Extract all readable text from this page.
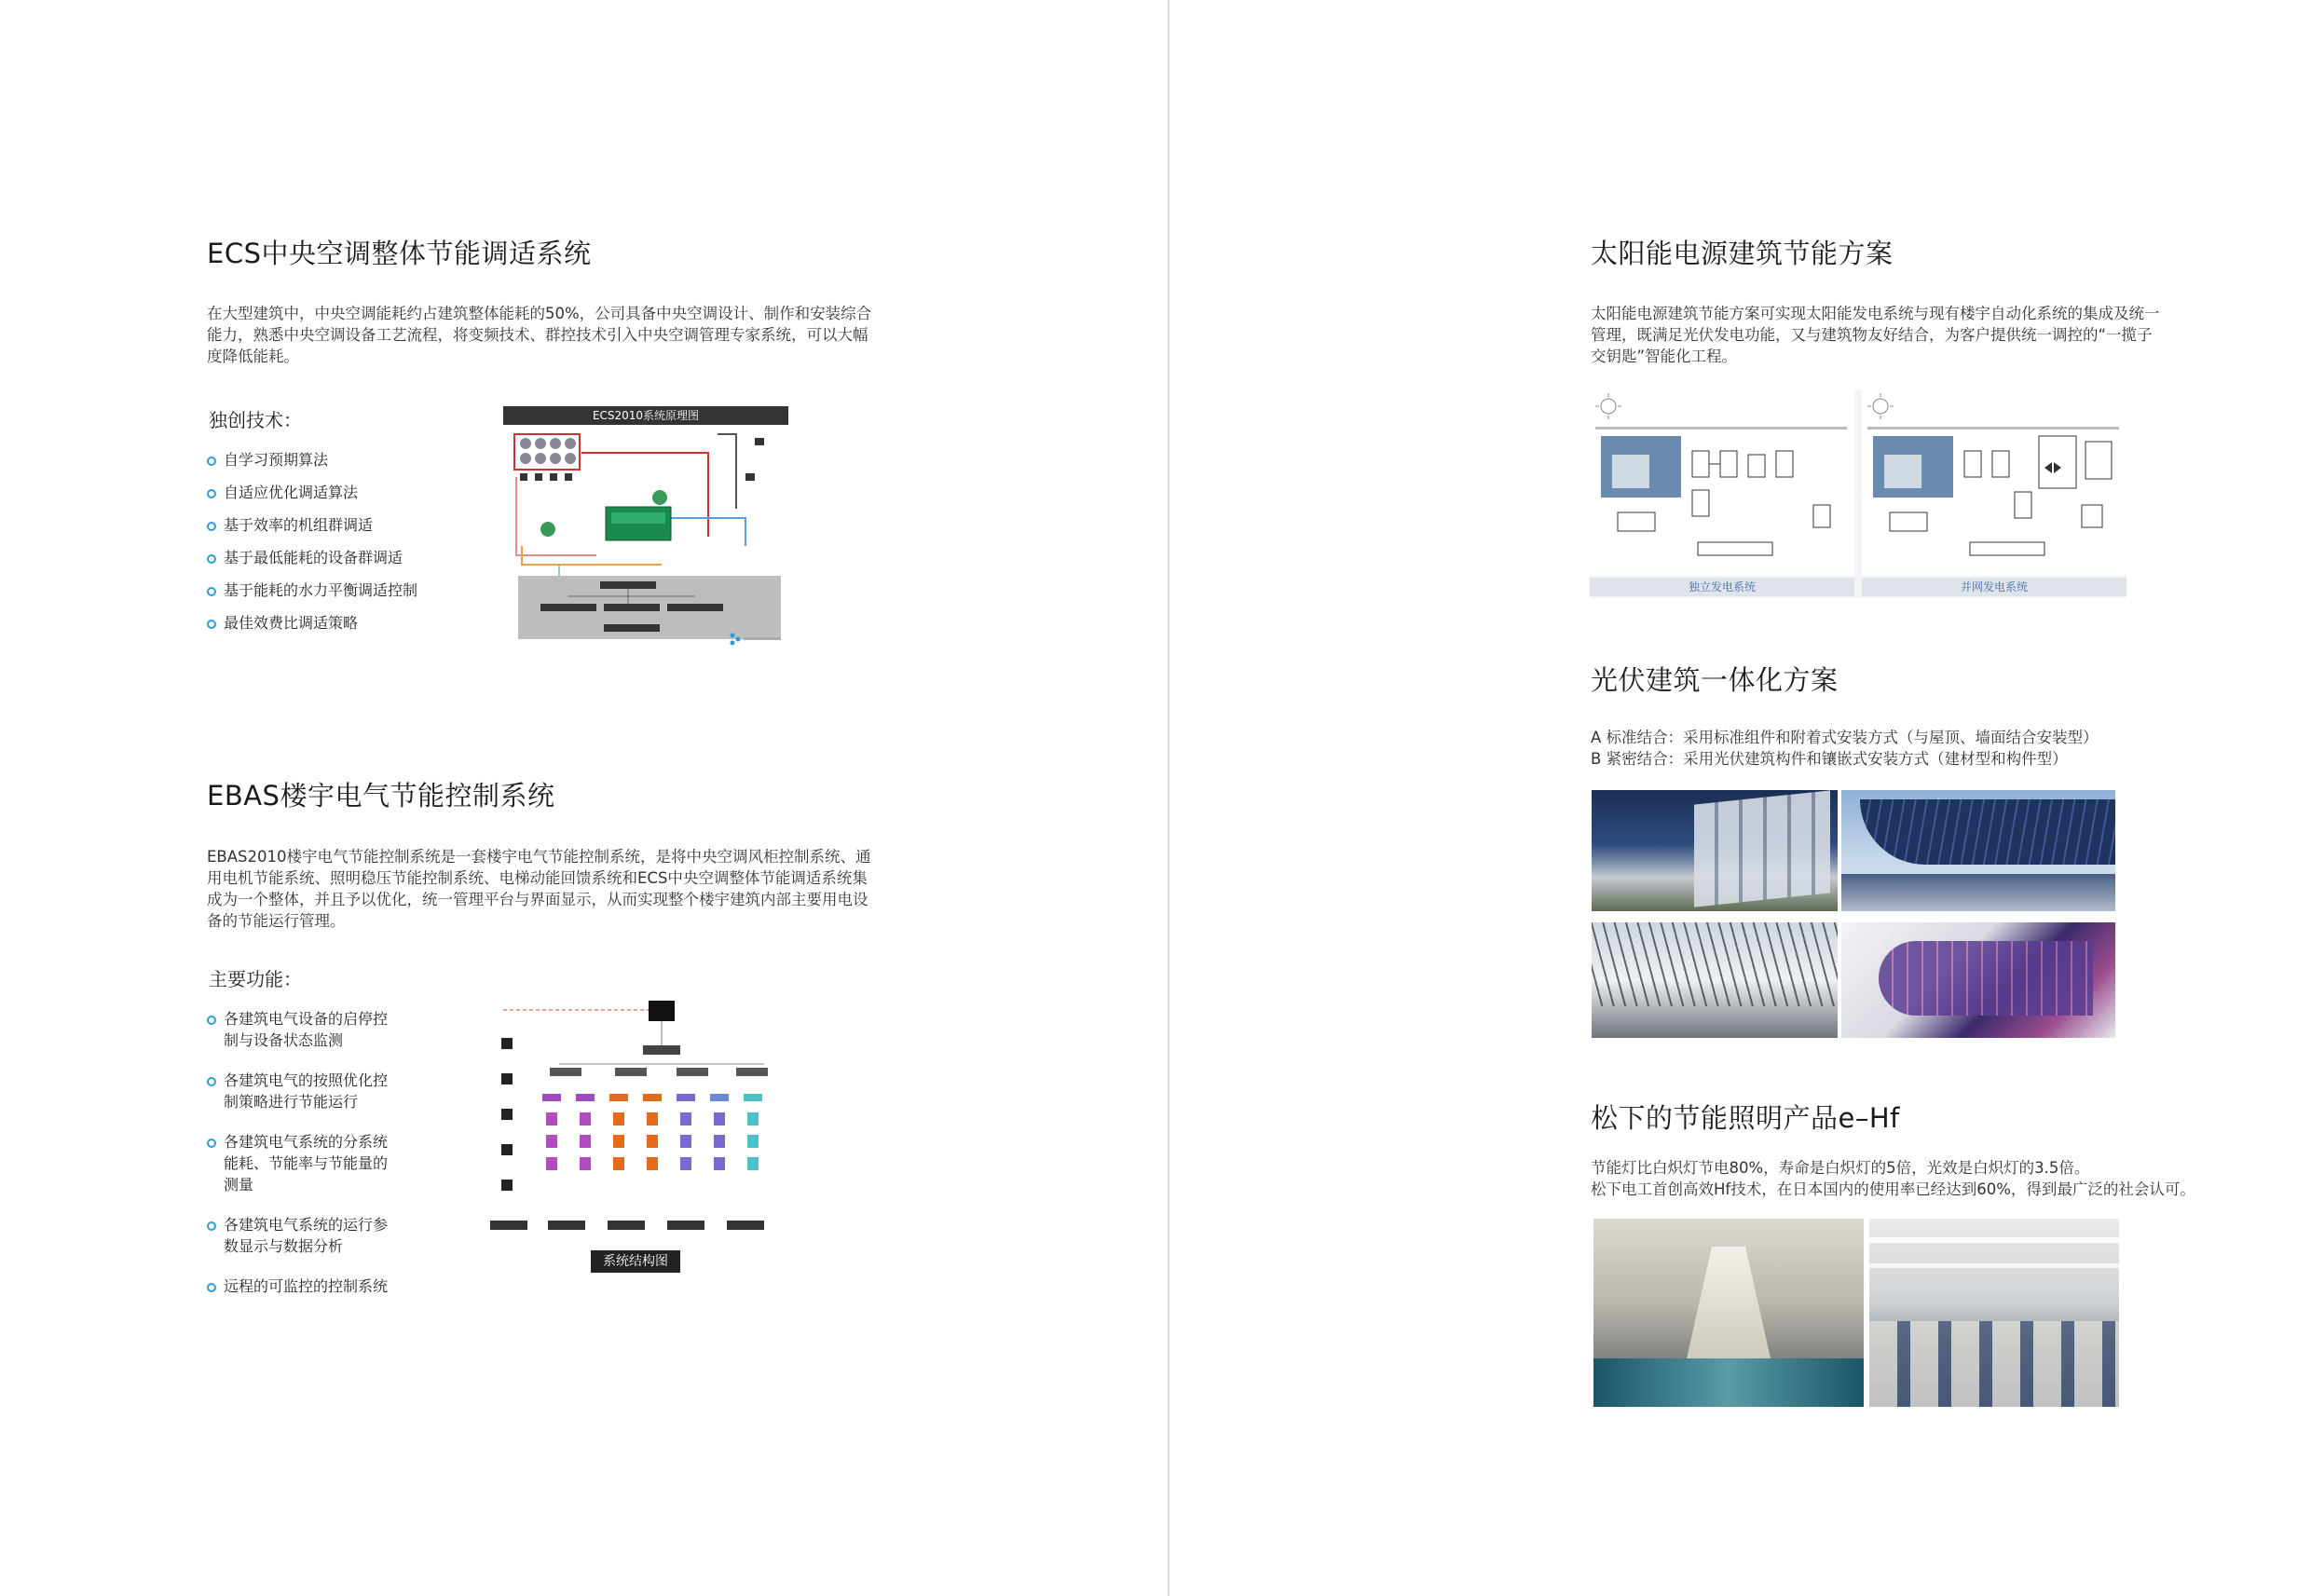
ECS中央空调整体节能调适系统
在大型建筑中，中央空调能耗约占建筑整体能耗的50%，公司具备中央空调设计、制作和安装综合
能力，熟悉中央空调设备工艺流程，将变频技术、群控技术引入中央空调管理专家系统，可以大幅
度降低能耗。
独创技术：
自学习预期算法
自适应优化调适算法
基于效率的机组群调适
基于最低能耗的设备群调适
基于能耗的水力平衡调适控制
最佳效费比调适策略
ECS2010系统原理图
EBAS楼宇电气节能控制系统
EBAS2010楼宇电气节能控制系统是一套楼宇电气节能控制系统，是将中央空调风柜控制系统、通
用电机节能系统、照明稳压节能控制系统、电梯动能回馈系统和ECS中央空调整体节能调适系统集
成为一个整体，并且予以优化，统一管理平台与界面显示，从而实现整个楼宇建筑内部主要用电设
备的节能运行管理。
主要功能：
各建筑电气设备的启停控
制与设备状态监测
各建筑电气的按照优化控
制策略进行节能运行
各建筑电气系统的分系统
能耗、节能率与节能量的
测量
各建筑电气系统的运行参
数显示与数据分析
远程的可监控的控制系统
系统结构图
太阳能电源建筑节能方案
太阳能电源建筑节能方案可实现太阳能发电系统与现有楼宇自动化系统的集成及统一
管理，既满足光伏发电功能，又与建筑物友好结合，为客户提供统一调控的“一揽子
交钥匙”智能化工程。
独立发电系统	并网发电系统
光伏建筑一体化方案
A 标准结合：采用标准组件和附着式安装方式（与屋顶、墙面结合安装型）
B 紧密结合：采用光伏建筑构件和镶嵌式安装方式（建材型和构件型）
松下的节能照明产品e–Hf
节能灯比白炽灯节电80%，寿命是白炽灯的5倍，光效是白炽灯的3.5倍。
松下电工首创高效Hf技术，在日本国内的使用率已经达到60%，得到最广泛的社会认可。
